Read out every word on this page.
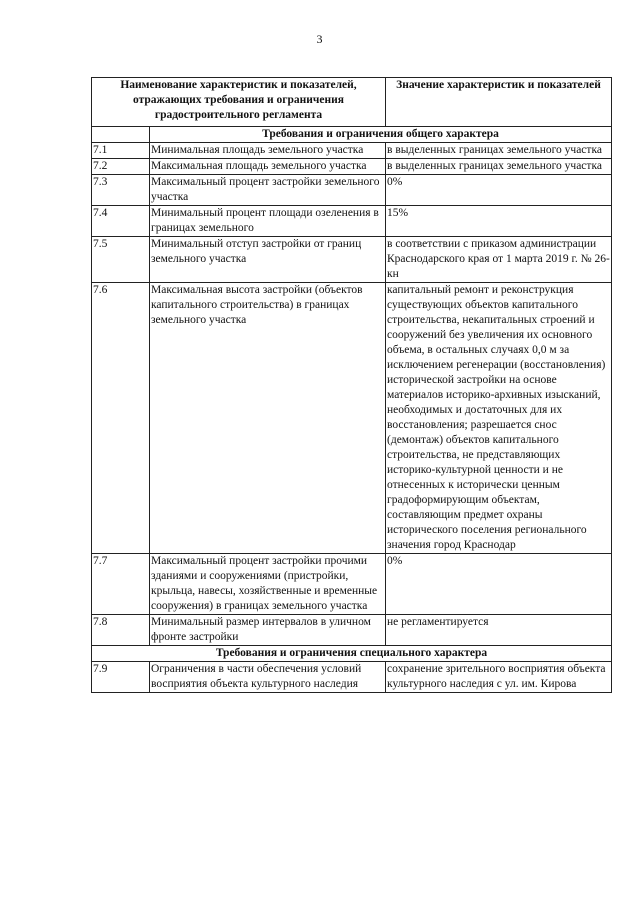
3
Наименование характеристик и показателей, отражающих требования и ограничения градостроительного регламента		Значение характеристик и показателей
	Требования и ограничения общего характера	
7.1	Минимальная площадь земельного участка	в выделенных границах земельного участка
7.2	Максимальная площадь земельного участка	в выделенных границах земельного участка
7.3	Максимальный процент застройки земельного участка	0%
7.4	Минимальный процент площади озеленения в границах земельного	15%
7.5	Минимальный отступ застройки от границ земельного участка	в соответствии с приказом администрации Краснодарского края от 1 марта 2019 г. № 26-кн
7.6	Максимальная высота застройки (объектов капитального строительства) в границах земельного участка	капитальный ремонт и реконструкция существующих объектов капитального строительства, некапитальных строений и сооружений без увеличения их основного объема, в остальных случаях 0,0 м за исключением регенерации (восстановления) исторической застройки на основе материалов историко-архивных изысканий, необходимых и достаточных для их восстановления; разрешается снос (демонтаж) объектов капитального строительства, не представляющих историко-культурной ценности и не отнесенных к исторически ценным градоформирующим объектам, составляющим предмет охраны исторического поселения регионального значения город Краснодар
7.7	Максимальный процент застройки прочими зданиями и сооружениями (пристройки, крыльца, навесы, хозяйственные и временные сооружения) в границах земельного участка	0%
7.8	Минимальный размер интервалов в уличном фронте застройки	не регламентируется
Требования и ограничения специального характера		
7.9	Ограничения в части обеспечения условий восприятия объекта культурного наследия	сохранение зрительного восприятия объекта культурного наследия с ул. им. Кирова
